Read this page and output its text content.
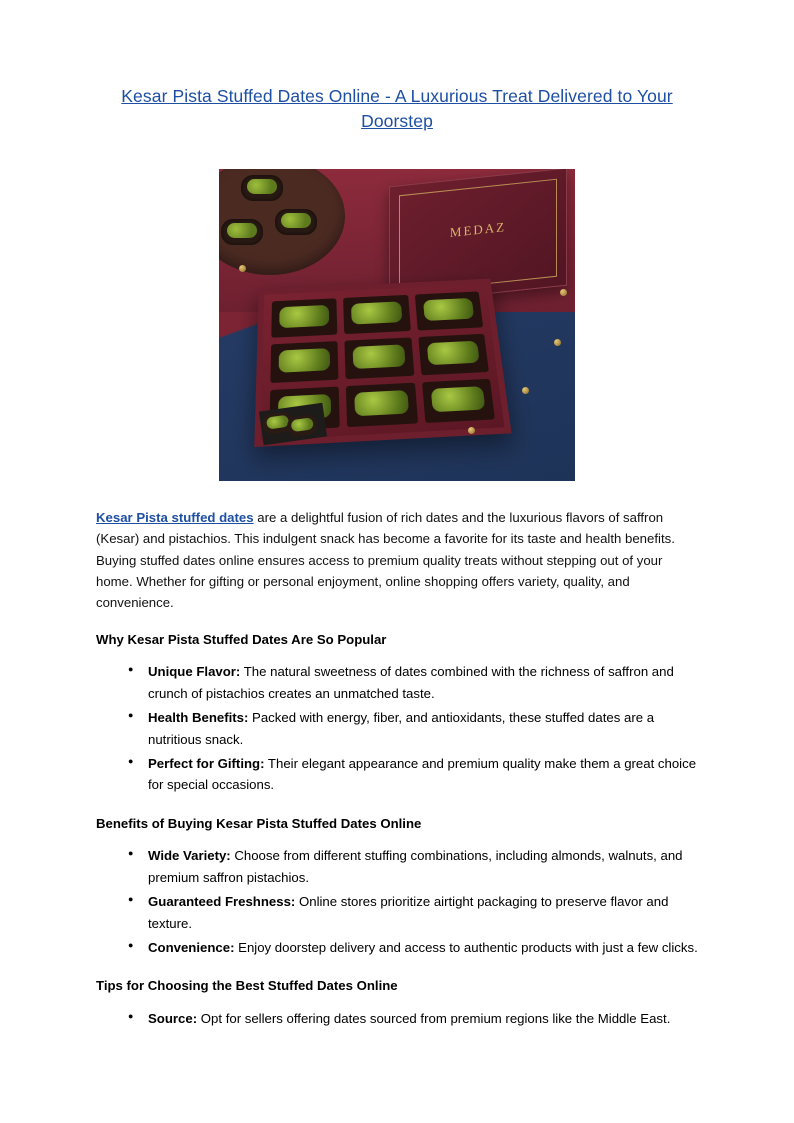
Kesar Pista Stuffed Dates Online - A Luxurious Treat Delivered to Your Doorstep
MEDAZ

Kesar Pista stuffed dates are a delightful fusion of rich dates and the luxurious flavors of saffron (Kesar) and pistachios. This indulgent snack has become a favorite for its taste and health benefits. Buying stuffed dates online ensures access to premium quality treats without stepping out of your home. Whether for gifting or personal enjoyment, online shopping offers variety, quality, and convenience.

Why Kesar Pista Stuffed Dates Are So Popular
● Unique Flavor: The natural sweetness of dates combined with the richness of saffron and crunch of pistachios creates an unmatched taste.
● Health Benefits: Packed with energy, fiber, and antioxidants, these stuffed dates are a nutritious snack.
● Perfect for Gifting: Their elegant appearance and premium quality make them a great choice for special occasions.
Benefits of Buying Kesar Pista Stuffed Dates Online
● Wide Variety: Choose from different stuffing combinations, including almonds, walnuts, and premium saffron pistachios.
● Guaranteed Freshness: Online stores prioritize airtight packaging to preserve flavor and texture.
● Convenience: Enjoy doorstep delivery and access to authentic products with just a few clicks.
Tips for Choosing the Best Stuffed Dates Online
● Source: Opt for sellers offering dates sourced from premium regions like the Middle East.
